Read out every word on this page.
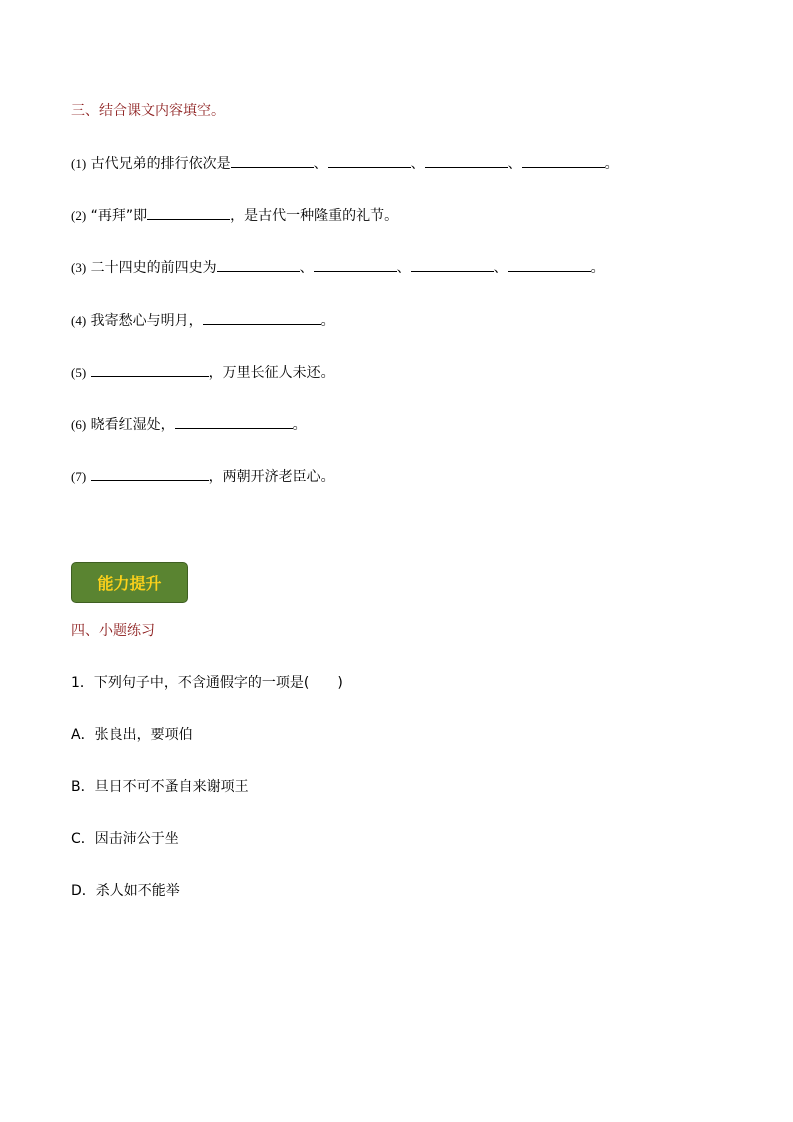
三、结合课文内容填空。
(1) 古代兄弟的排行依次是	、	、	、	。
(2) “再拜”即	，是古代一种隆重的礼节。
(3) 二十四史的前四史为	、	、	、	。
(4) 我寄愁心与明月，	。
(5)	，万里长征人未还。
(6) 晓看红湿处，	。
(7)	，两朝开济老臣心。
能力提升
四、小题练习
1．下列句子中，不含通假字的一项是( )
A．张良出，要项伯
B．旦日不可不蚤自来谢项王
C．因击沛公于坐
D．杀人如不能举
